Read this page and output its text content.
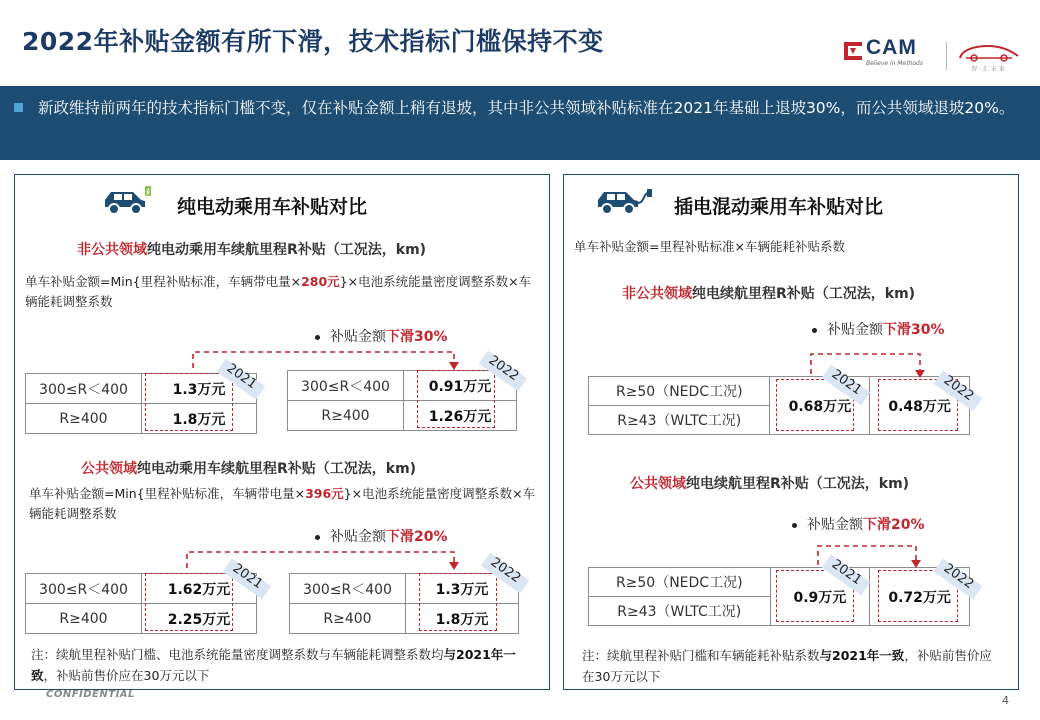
2022年补贴金额有所下滑，技术指标门槛保持不变	CAM
Believe in Methods
智 · 汇 未 来
新政维持前两年的技术指标门槛不变，仅在补贴金额上稍有退坡，其中非公共领域补贴标准在2021年基础上退坡30%，而公共领域退坡20%。
纯电动乘用车补贴对比
非公共领域纯电动乘用车续航里程R补贴（工况法，km)
单车补贴金额=Min{里程补贴标准，车辆带电量×280元}×电池系统能量密度调整系数×车辆能耗调整系数
补贴金额下滑30%
300≤R＜400	1.3万元
R≥400	1.8万元
2021	300≤R＜400	0.91万元
R≥400	1.26万元
2022
公共领域纯电动乘用车续航里程R补贴（工况法，km)
单车补贴金额=Min{里程补贴标准，车辆带电量×396元}×电池系统能量密度调整系数×车辆能耗调整系数
补贴金额下滑20%
300≤R＜400	1.62万元
R≥400	2.25万元
2021	300≤R＜400	1.3万元
R≥400	1.8万元
2022
注：续航里程补贴门槛、电池系统能量密度调整系数与车辆能耗调整系数均与2021年一致，补贴前售价应在30万元以下
插电混动乘用车补贴对比
单车补贴金额=里程补贴标准×车辆能耗补贴系数
非公共领域纯电续航里程R补贴（工况法，km)
补贴金额下滑30%
R≥50（NEDC工况)	0.68万元	0.48万元
R≥43（WLTC工况)
2021	2022
公共领域纯电续航里程R补贴（工况法，km)
补贴金额下滑20%
R≥50（NEDC工况)	0.9万元	0.72万元
R≥43（WLTC工况)
2021	2022
注：续航里程补贴门槛和车辆能耗补贴系数与2021年一致，补贴前售价应在30万元以下
CONFIDENTIAL	4
